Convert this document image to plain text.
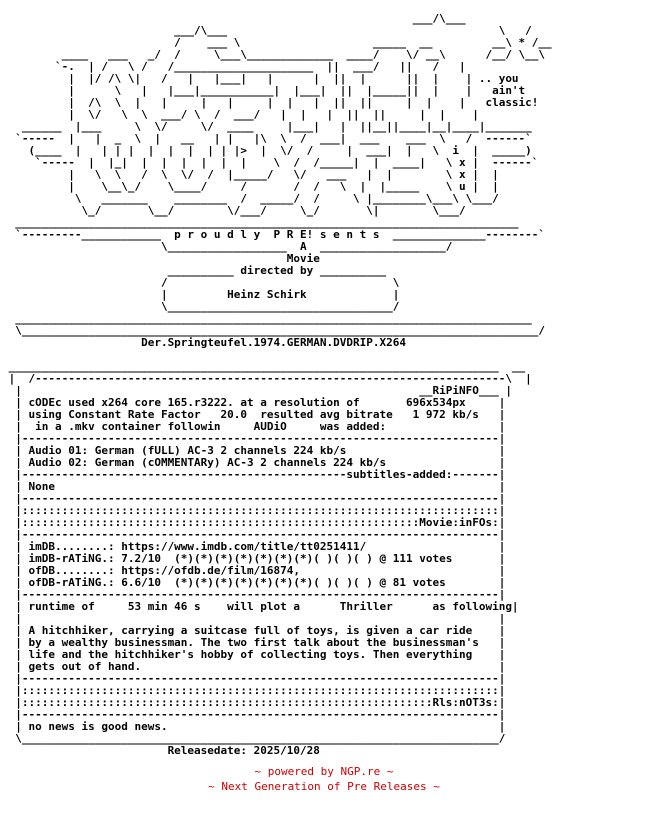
___/\___
___/\___                                         \   /
/    ___ \                    _____  __         __\ * /__
____   ___   _/  /     \___\_____________  ____/    \/ __\      /__/ \__\
`-.  | /   \ /   /_____________________  ||  ___/   ||   /   |
|  |/ /\ \|   /   |   |___|   |      |  ||  |      ||  |    | .. you
|      \   |   |___|___________|  |___|  ||  |_____||  |    |   ain't
|  /\  \  |   |     |   |     |  |   |  ||  ||     |  |    |   classic!
|  \/   \  \  ___/ \  /  ___/   |  |   |  ||  ||     |  |    |
______  |___     \  \/     \/  ____     |___|   |  ||__||____|__|____|_______
`-----  |   |  _  \  |   __   | |   |\  \  /  ___|  ___    ___  \   /  ------`
(____  |   | | |  |  |  |  | | |>  |  \/  /     |  ___|  |   \  i  |  _____)
`-----  |  |_|  |  |  |  |  |  |    \  /  /_____|  |  ____|   \ x |  ------`
|   \  \   /  \  \/  /  |_____/   \/   ___   |  |        \ x |  |
|    \__\_/    \____/     /       /  /   \  |  |_____    \ u |  |
\   _______    ________  /  _____/  /     \ |________\___\ \___/
\_/       \__/        \/___/     \_/       \|        \___/
____________________________________________________________________________
`---------____________  p r o u d l y  P R E! s e n t s  ______________--------`
\__________________  A  ___________________/
Movie
__________ directed by __________
/                                  \
|         Heinz Schirk             |
\__________________________________/
______________________________________________________________________________
\______________________________________________________________________________/
Der.Springteufel.1974.GERMAN.DVDRIP.X264

__________________________________________________________________________  __
|  /-----------------------------------------------------------------------\  |
|                                                            __RiPiNFO___ |
| cODEc used x264 core 165.r3222. at a resolution of       696x534px     |
| using Constant Rate Factor   20.0  resulted avg bitrate   1 972 kb/s   |
|  in a .mkv container followin     AUDiO     was added:                 |
|------------------------------------------------------------------------|
| Audio 01: German (fULL) AC-3 2 channels 224 kb/s                       |
| Audio 02: German (cOMMENTARy) AC-3 2 channels 224 kb/s                 |
|-------------------------------------------------subtitles-added:-------|
| None                                                                   |
|------------------------------------------------------------------------|
|::::::::::::::::::::::::::::::::::::::::::::::::::::::::::::::::::::::::|
|::::::::::::::::::::::::::::::::::::::::::::::::::::::::::::Movie:inFOs:|
|------------------------------------------------------------------------|
| imDB........: https://www.imdb.com/title/tt0251411/                    |
| imDB-rATiNG.: 7.2/10  (*)(*)(*)(*)(*)(*)(*)( )( )( ) @ 111 votes       |
| ofDB........: https://ofdb.de/film/16874,                              |
| ofDB-rATiNG.: 6.6/10  (*)(*)(*)(*)(*)(*)(*)( )( )( ) @ 81 votes        |
|------------------------------------------------------------------------|
| runtime of     53 min 46 s    will plot a      Thriller      as following|
|                                                                        |
| A hitchhiker, carrying a suitcase full of toys, is given a car ride    |
| by a wealthy businessman. The two first talk about the businessman's   |
| life and the hitchhiker's hobby of collecting toys. Then everything    |
| gets out of hand.                                                      |
|------------------------------------------------------------------------|
|::::::::::::::::::::::::::::::::::::::::::::::::::::::::::::::::::::::::|
|::::::::::::::::::::::::::::::::::::::::::::::::::::::::::::::Rls:nOT3s:|
|------------------------------------------------------------------------|
| no news is good news.                                                  |
\________________________________________________________________________/
Releasedate: 2025/10/28

~ powered by NGP.re ~
~ Next Generation of Pre Releases ~
